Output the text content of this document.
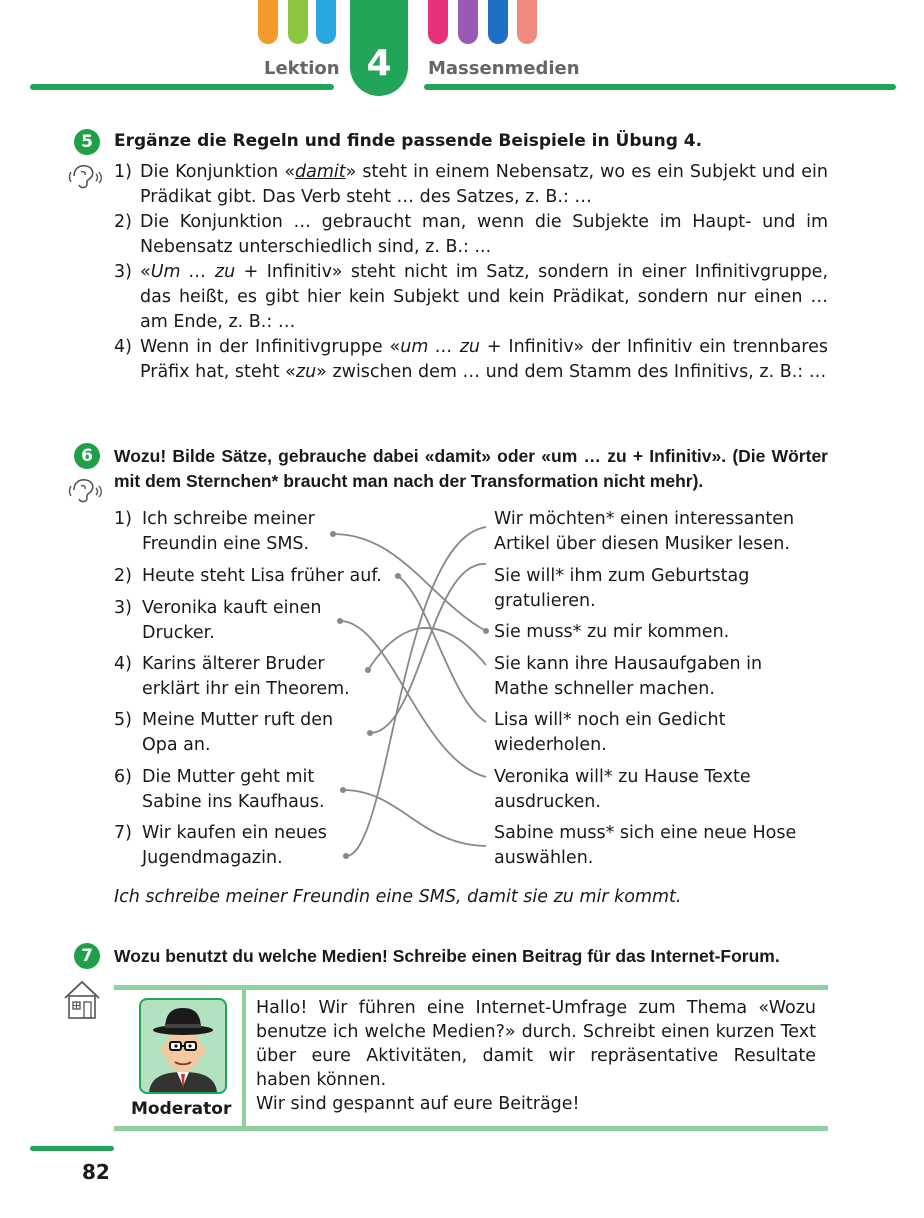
Lektion 4	Massenmedien
5	Ergänze die Regeln und finde passende Beispiele in Übung 4.
1) Die Konjunktion «damit» steht in einem Nebensatz, wo es ein Subjekt und ein Prädikat gibt. Das Verb steht … des Satzes, z. B.: …
2) Die Konjunktion … gebraucht man, wenn die Subjekte im Haupt- und im Nebensatz unterschiedlich sind, z. B.: ...
3) «Um … zu + Infinitiv» steht nicht im Satz, sondern in einer Infinitivgruppe, das heißt, es gibt hier kein Subjekt und kein Prädikat, sondern nur einen … am Ende, z. B.: …
4) Wenn in der Infinitivgruppe «um … zu + Infinitiv» der Infinitiv ein trennbares Präfix hat, steht «zu» zwischen dem … und dem Stamm des Infinitivs, z. B.: …
6	Wozu! Bilde Sätze, gebrauche dabei «damit» oder «um … zu + Infinitiv». (Die Wörter mit dem Sternchen* braucht man nach der Transformation nicht mehr).
1) Ich schreibe meiner
Freundin eine SMS.
2) Heute steht Lisa früher auf.
3) Veronika kauft einen
Drucker.
4) Karins älterer Bruder
erklärt ihr ein Theorem.
5) Meine Mutter ruft den
Opa an.
6) Die Mutter geht mit
Sabine ins Kaufhaus.
7) Wir kaufen ein neues
Jugendmagazin.
Wir möchten* einen interessanten
Artikel über diesen Musiker lesen.
Sie will* ihm zum Geburtstag
gratulieren.
Sie muss* zu mir kommen.
Sie kann ihre Hausaufgaben in
Mathe schneller machen.
Lisa will* noch ein Gedicht
wiederholen.
Veronika will* zu Hause Texte
ausdrucken.
Sabine muss* sich eine neue Hose
auswählen.
Ich schreibe meiner Freundin eine SMS, damit sie zu mir kommt.
7	Wozu benutzt du welche Medien! Schreibe einen Beitrag für das Internet-Forum.
Moderator
Hallo! Wir führen eine Internet-Umfrage zum Thema «Wozu benutze ich welche Medien?» durch. Schreibt einen kurzen Text über eure Aktivitäten, damit wir repräsentative Resultate haben können.
Wir sind gespannt auf eure Beiträge!
82
